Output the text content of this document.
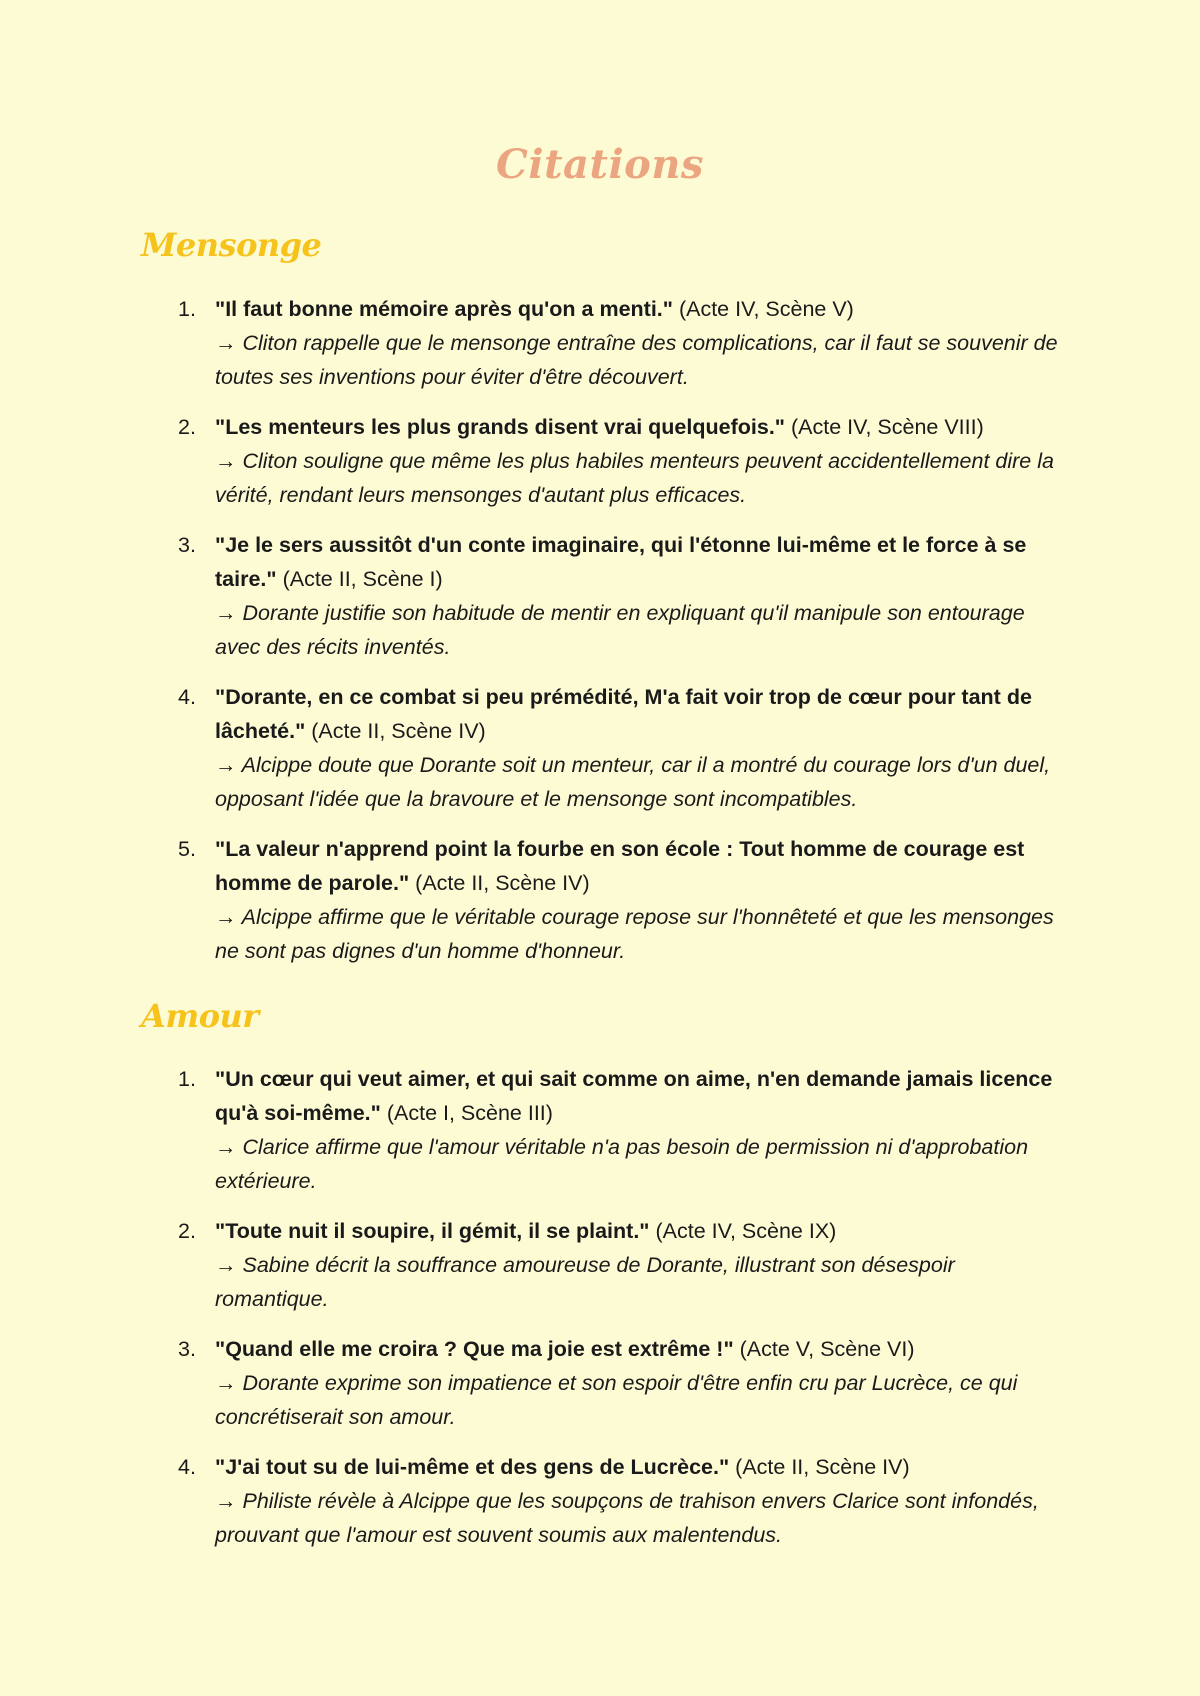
Citations
Mensonge
1. "Il faut bonne mémoire après qu'on a menti." (Acte IV, Scène V)
→ Cliton rappelle que le mensonge entraîne des complications, car il faut se souvenir de toutes ses inventions pour éviter d'être découvert.
2. "Les menteurs les plus grands disent vrai quelquefois." (Acte IV, Scène VIII)
→ Cliton souligne que même les plus habiles menteurs peuvent accidentellement dire la vérité, rendant leurs mensonges d'autant plus efficaces.
3. "Je le sers aussitôt d'un conte imaginaire, qui l'étonne lui-même et le force à se taire." (Acte II, Scène I)
→ Dorante justifie son habitude de mentir en expliquant qu'il manipule son entourage avec des récits inventés.
4. "Dorante, en ce combat si peu prémédité, M'a fait voir trop de cœur pour tant de lâcheté." (Acte II, Scène IV)
→ Alcippe doute que Dorante soit un menteur, car il a montré du courage lors d'un duel, opposant l'idée que la bravoure et le mensonge sont incompatibles.
5. "La valeur n'apprend point la fourbe en son école : Tout homme de courage est homme de parole." (Acte II, Scène IV)
→ Alcippe affirme que le véritable courage repose sur l'honnêteté et que les mensonges ne sont pas dignes d'un homme d'honneur.
Amour
1. "Un cœur qui veut aimer, et qui sait comme on aime, n'en demande jamais licence qu'à soi-même." (Acte I, Scène III)
→ Clarice affirme que l'amour véritable n'a pas besoin de permission ni d'approbation extérieure.
2. "Toute nuit il soupire, il gémit, il se plaint." (Acte IV, Scène IX)
→ Sabine décrit la souffrance amoureuse de Dorante, illustrant son désespoir romantique.
3. "Quand elle me croira ? Que ma joie est extrême !" (Acte V, Scène VI)
→ Dorante exprime son impatience et son espoir d'être enfin cru par Lucrèce, ce qui concrétiserait son amour.
4. "J'ai tout su de lui-même et des gens de Lucrèce." (Acte II, Scène IV)
→ Philiste révèle à Alcippe que les soupçons de trahison envers Clarice sont infondés, prouvant que l'amour est souvent soumis aux malentendus.
